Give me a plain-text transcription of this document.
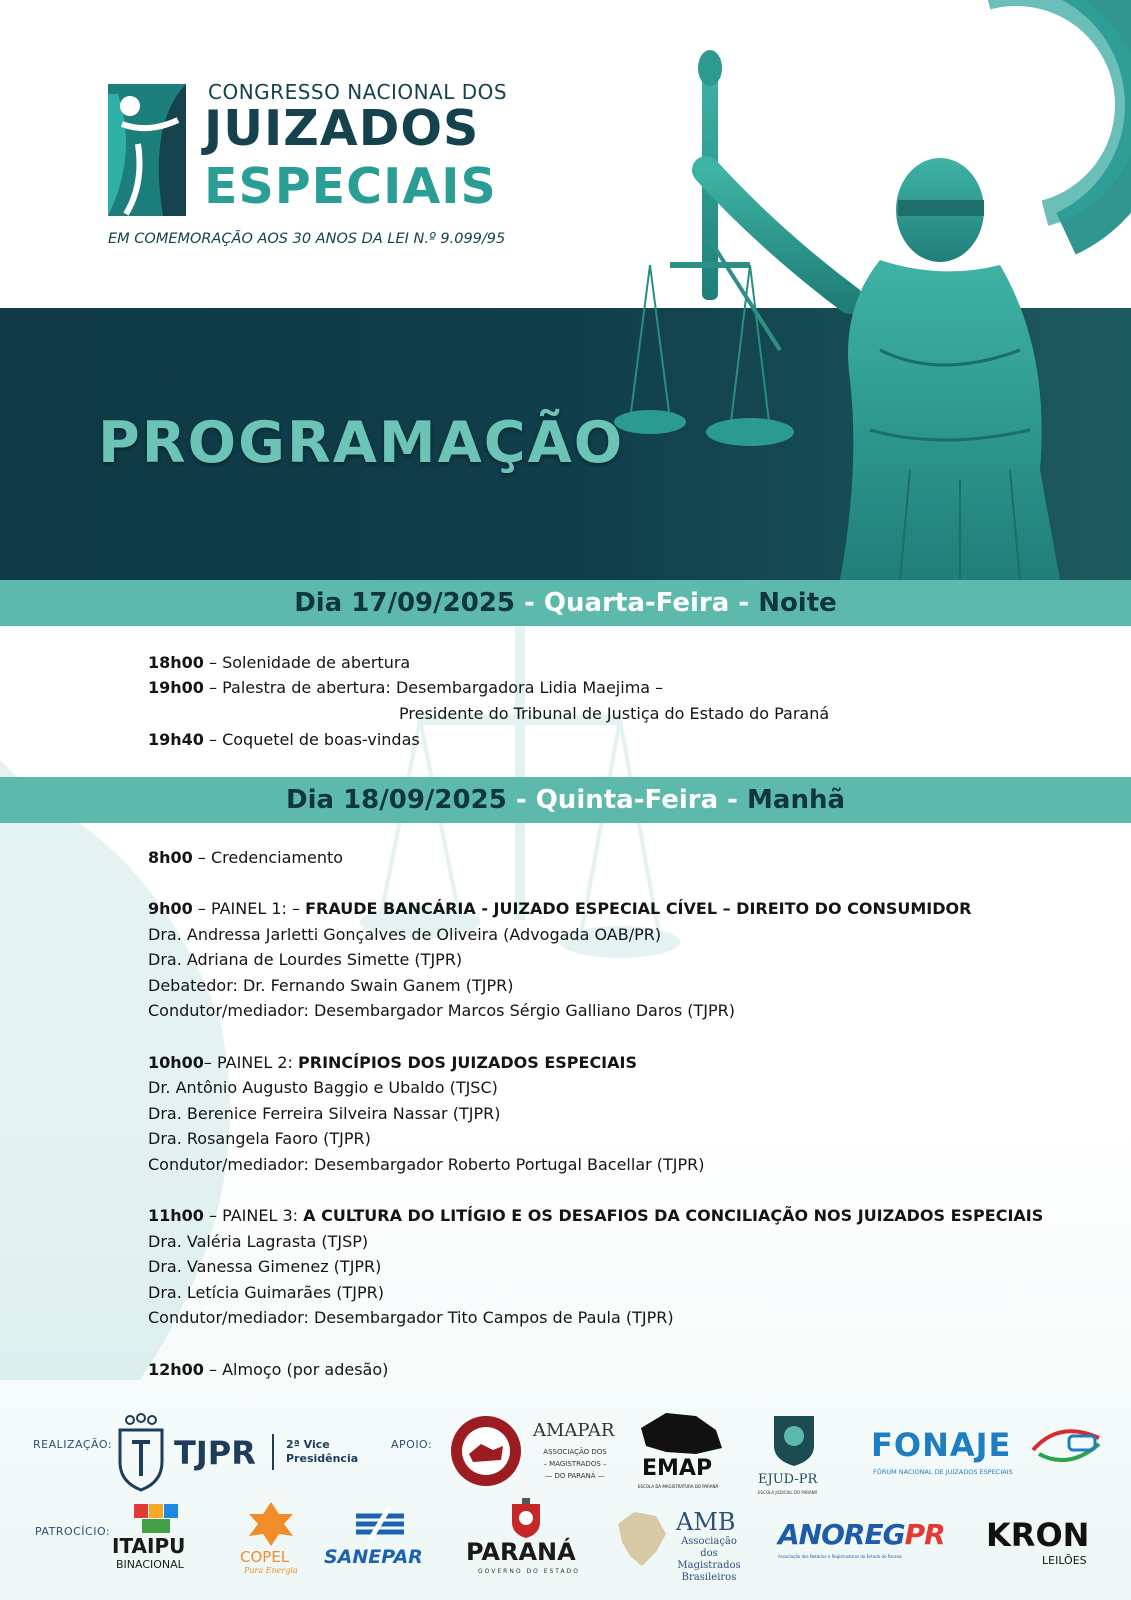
CONGRESSO NACIONAL DOS
JUIZADOS
ESPECIAIS
EM COMEMORAÇÃO AOS 30 ANOS DA LEI N.º 9.099/95
PROGRAMAÇÃO
Dia 17/09/2025 - Quarta-Feira - Noite
18h00 – Solenidade de abertura
19h00 – Palestra de abertura: Desembargadora Lidia Maejima –
Presidente do Tribunal de Justiça do Estado do Paraná
19h40 – Coquetel de boas-vindas
Dia 18/09/2025 - Quinta-Feira - Manhã
8h00 – Credenciamento
9h00 – PAINEL 1: – FRAUDE BANCÁRIA - JUIZADO ESPECIAL CÍVEL – DIREITO DO CONSUMIDOR
Dra. Andressa Jarletti Gonçalves de Oliveira (Advogada OAB/PR)
Dra. Adriana de Lourdes Simette (TJPR)
Debatedor: Dr. Fernando Swain Ganem (TJPR)
Condutor/mediador: Desembargador Marcos Sérgio Galliano Daros (TJPR)
10h00– PAINEL 2: PRINCÍPIOS DOS JUIZADOS ESPECIAIS
Dr. Antônio Augusto Baggio e Ubaldo (TJSC)
Dra. Berenice Ferreira Silveira Nassar (TJPR)
Dra. Rosangela Faoro (TJPR)
Condutor/mediador: Desembargador Roberto Portugal Bacellar (TJPR)
11h00 – PAINEL 3: A CULTURA DO LITÍGIO E OS DESAFIOS DA CONCILIAÇÃO NOS JUIZADOS ESPECIAIS
Dra. Valéria Lagrasta (TJSP)
Dra. Vanessa Gimenez (TJPR)
Dra. Letícia Guimarães (TJPR)
Condutor/mediador: Desembargador Tito Campos de Paula (TJPR)
12h00 – Almoço (por adesão)
REALIZAÇÃO: TJPR	2ª Vice
Presidência
APOIO:
AMAPAR
ASSOCIAÇÃO DOS
– MAGISTRADOS –
— DO PARANÁ —	EMAP
ESCOLA DA MAGISTRATURA DO PARANÁ	EJUD-PR
ESCOLA JUDICIAL DO PARANÁ
FONAJE
FÓRUM NACIONAL DE JUIZADOS ESPECIAIS
PATROCÍCIO:
ITAIPU
BINACIONAL	COPEL
Pura Energia
SANEPAR PARANÁ
GOVERNO DO ESTADO
AMB
Associação dos
Magistrados
Brasileiros
ANOREGPR
Associação dos Notários e Registradores do Estado do Paraná
KRON
LEILÕES
